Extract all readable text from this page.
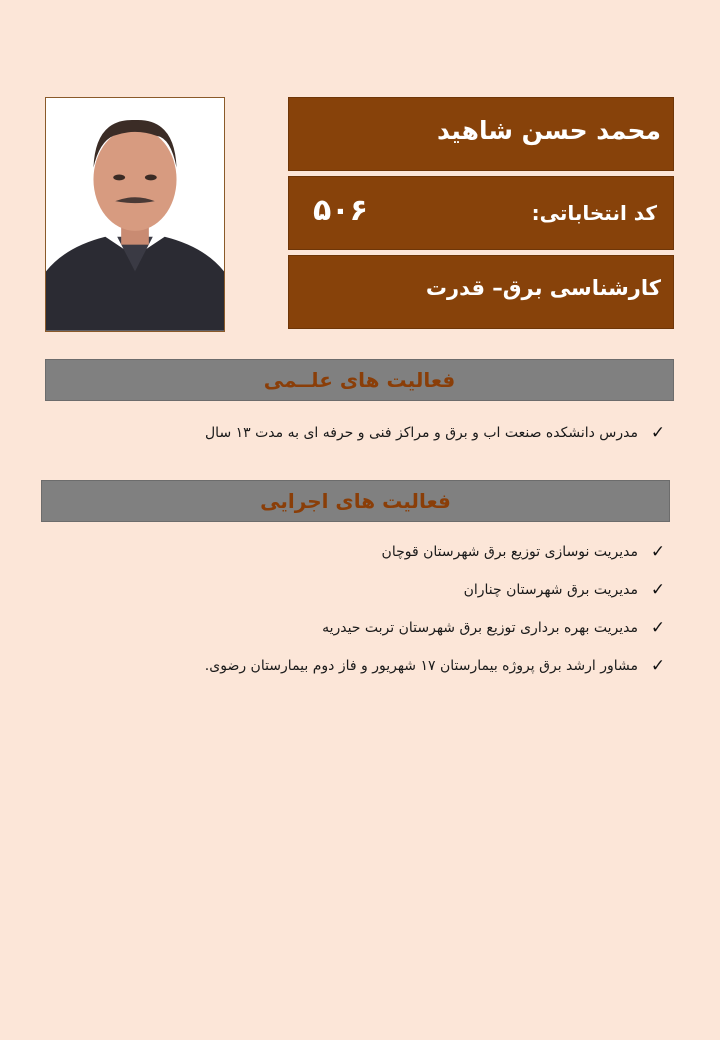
محمد حسن شاهید
کد انتخاباتی:
۵۰۶
کارشناسی برق– قدرت
فعالیت های علــمی
✓
مدرس دانشکده صنعت اب و برق و مراکز فنی و حرفه ای به مدت ۱۳ سال
فعالیت های اجرایی
✓
مدیریت نوسازی توزیع برق شهرستان قوچان
✓
مدیریت برق شهرستان چناران
✓
مدیریت بهره برداری توزیع برق شهرستان تربت حیدریه
✓
مشاور ارشد برق پروژه بیمارستان ۱۷ شهریور و فاز دوم بیمارستان رضوی.
